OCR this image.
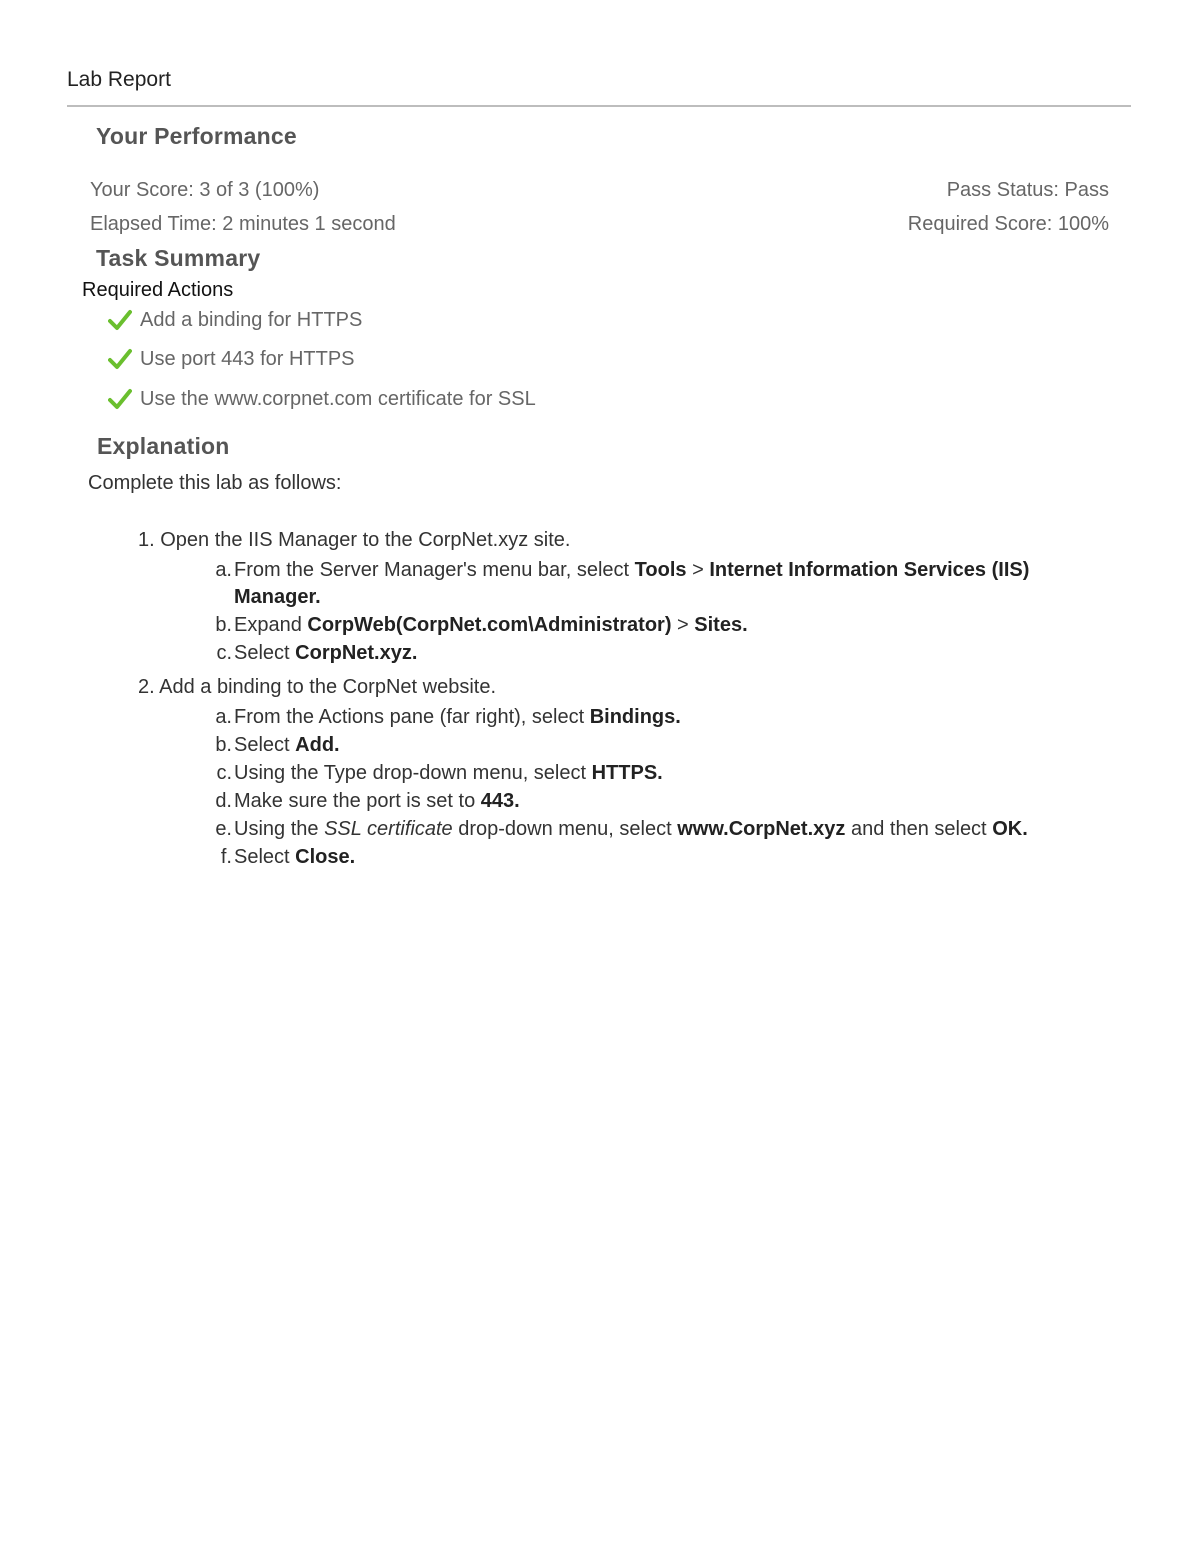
Lab Report
Your Performance
Your Score: 3 of 3 (100%)	Pass Status: Pass
Elapsed Time: 2 minutes 1 second	Required Score: 100%
Task Summary
Required Actions
Add a binding for HTTPS
Use port 443 for HTTPS
Use the www.corpnet.com certificate for SSL
Explanation
Complete this lab as follows:
1. Open the IIS Manager to the CorpNet.xyz site.
a. From the Server Manager's menu bar, select Tools > Internet Information Services (IIS) Manager.
b. Expand CorpWeb(CorpNet.com\Administrator) > Sites.
c. Select CorpNet.xyz.
2. Add a binding to the CorpNet website.
a. From the Actions pane (far right), select Bindings.
b. Select Add.
c. Using the Type drop-down menu, select HTTPS.
d. Make sure the port is set to 443.
e. Using the SSL certificate drop-down menu, select www.CorpNet.xyz and then select OK.
f. Select Close.
